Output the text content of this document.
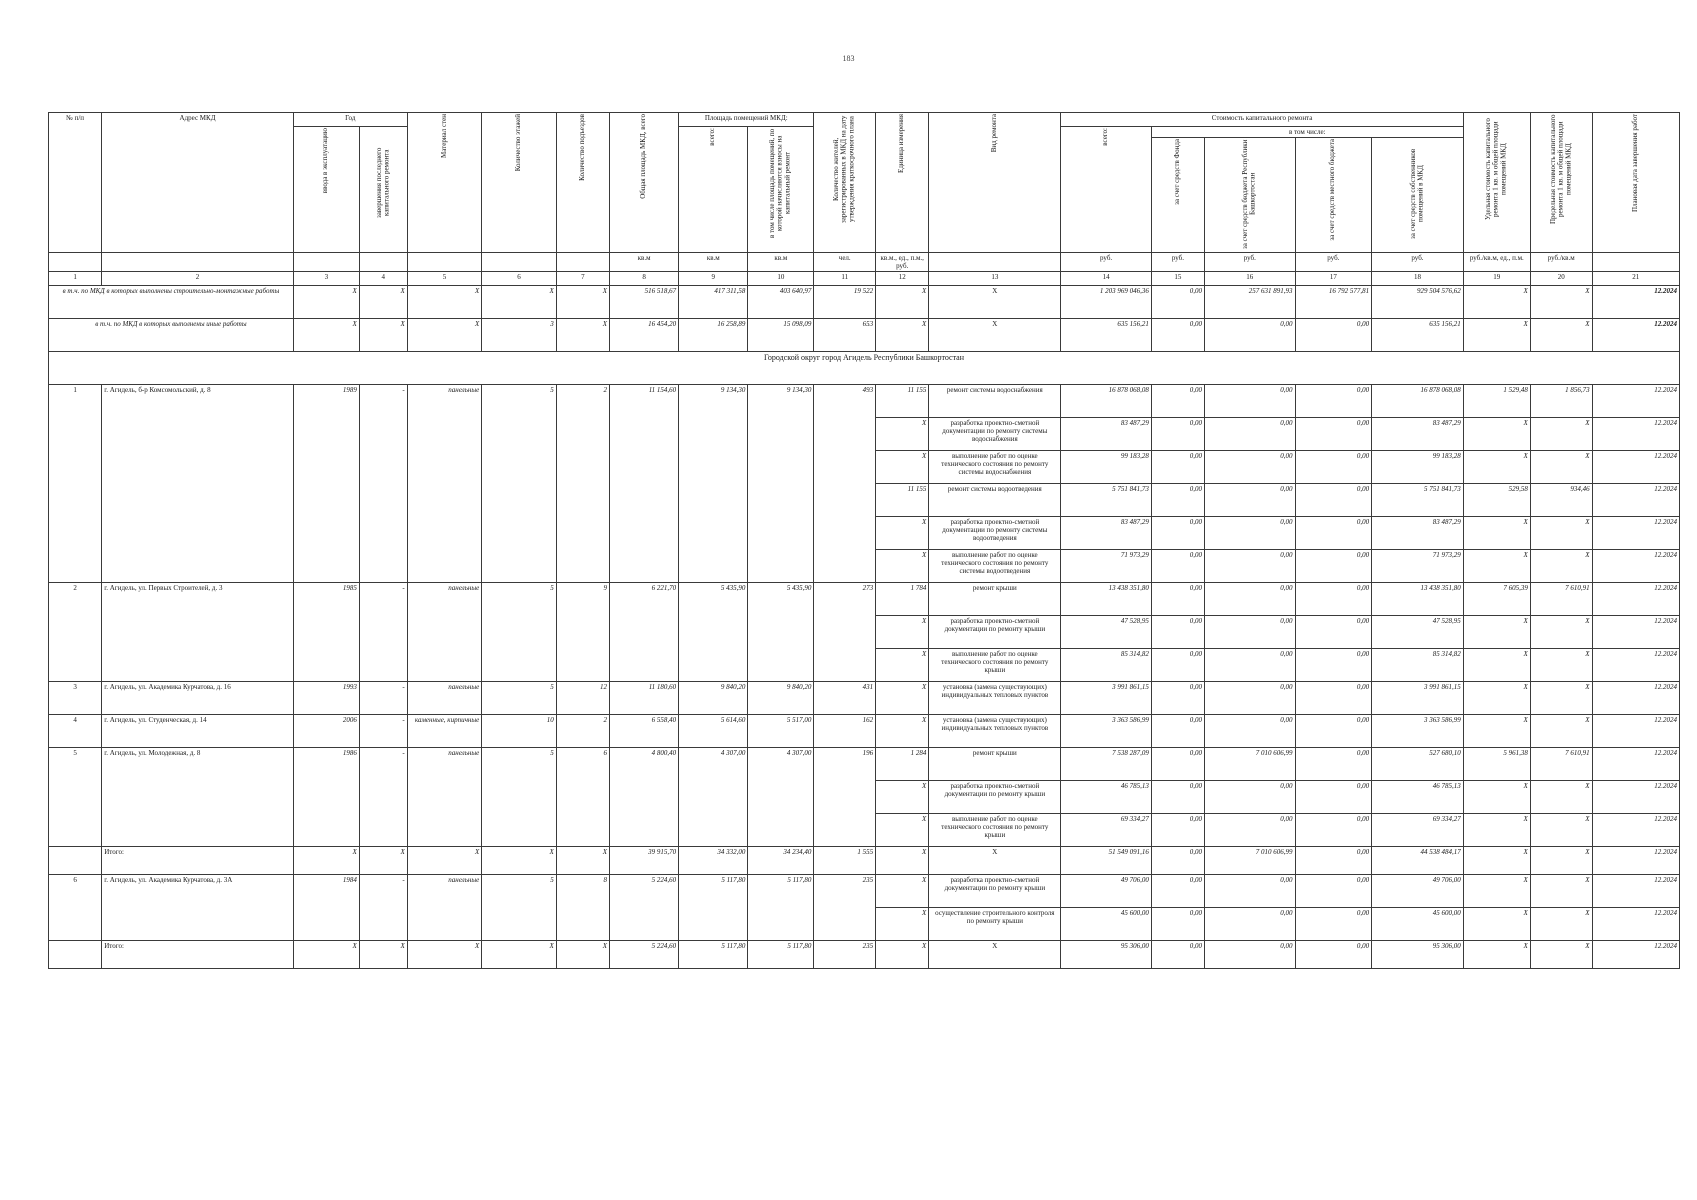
183
№ п/п	Адрес МКД	Год		Материал стен	Количество этажей	Количество подъездов	Общая площадь МКД, всего	Площадь помещений МКД:		Количество жителей, зарегистрированных в МКД на дату утверждения краткосрочного плана	Единица измерения	Вид ремонта	Стоимость капитального ремонта					Удельная стоимость капитального ремонта 1 кв. м общей площади помещений МКД	Предельная стоимость капитального ремонта 1 кв. м общей площади помещений МКД	Плановая дата завершения работ
		ввода в эксплуатацию	завершения последнего капитального ремонта					всего:	в том числе площадь помещений, по которой начисляются взносы на капитальный ремонт				всего:	в том числе:						
														за счет средств Фонда	за счет средств бюджета Республики Башкортостан	за счет средств местного бюджета	за счет средств собственников помещений в МКД			
							кв.м	кв.м	кв.м	чел.	кв.м., ед., п.м., руб.		руб.	руб.	руб.	руб.	руб.	руб./кв.м, ед., п.м.	руб./кв.м	
1	2	3	4	5	6	7	8	9	10	11	12	13	14	15	16	17	18	19	20	21
в т.ч. по МКД в которых выполнены строительно-монтажные работы		X	X	X	X	X	516 518,67	417 311,58	403 640,97	19 522	X	X	1 203 969 046,36	0,00	257 631 891,93	16 792 577,81	929 504 576,62	X	X	12.2024
в т.ч. по МКД в которых выполнены иные работы		X	X	X	3	X	16 454,20	16 258,89	15 098,09	653	X	X	635 156,21	0,00	0,00	0,00	635 156,21	X	X	12.2024
Городской округ город Агидель Республики Башкортостан																				
1	г. Агидель, б-р Комсомольский, д. 8	1989	-	панельные	5	2	11 154,60	9 134,30	9 134,30	493	11 155	ремонт системы водоснабжения	16 878 068,08	0,00	0,00	0,00	16 878 068,08	1 529,48	1 856,73	12.2024
											X	разработка проектно-сметной документации по ремонту системы водоснабжения	83 487,29	0,00	0,00	0,00	83 487,29	X	X	12.2024
											X	выполнение работ по оценке технического состояния по ремонту системы водоснабжения	99 183,28	0,00	0,00	0,00	99 183,28	X	X	12.2024
											11 155	ремонт системы водоотведения	5 751 841,73	0,00	0,00	0,00	5 751 841,73	529,58	934,46	12.2024
											X	разработка проектно-сметной документации по ремонту системы водоотведения	83 487,29	0,00	0,00	0,00	83 487,29	X	X	12.2024
											X	выполнение работ по оценке технического состояния по ремонту системы водоотведения	71 973,29	0,00	0,00	0,00	71 973,29	X	X	12.2024
2	г. Агидель, ул. Первых Строителей, д. 3	1985	-	панельные	5	9	6 221,70	5 435,90	5 435,90	273	1 784	ремонт крыши	13 438 351,80	0,00	0,00	0,00	13 438 351,80	7 605,39	7 610,91	12.2024
											X	разработка проектно-сметной документации по ремонту крыши	47 528,95	0,00	0,00	0,00	47 528,95	X	X	12.2024
											X	выполнение работ по оценке технического состояния по ремонту крыши	85 314,82	0,00	0,00	0,00	85 314,82	X	X	12.2024
3	г. Агидель, ул. Академика Курчатова, д. 16	1993	-	панельные	5	12	11 180,60	9 840,20	9 840,20	431	X	установка (замена существующих) индивидуальных тепловых пунктов	3 991 861,15	0,00	0,00	0,00	3 991 861,15	X	X	12.2024
4	г. Агидель, ул. Студенческая, д. 14	2006	-	каменные, кирпичные	10	2	6 558,40	5 614,60	5 517,00	162	X	установка (замена существующих) индивидуальных тепловых пунктов	3 363 586,99	0,00	0,00	0,00	3 363 586,99	X	X	12.2024
5	г. Агидель, ул. Молодежная, д. 8	1986	-	панельные	5	6	4 800,40	4 307,00	4 307,00	196	1 284	ремонт крыши	7 538 287,09	0,00	7 010 606,99	0,00	527 680,10	5 961,38	7 610,91	12.2024
											X	разработка проектно-сметной документации по ремонту крыши	46 785,13	0,00	0,00	0,00	46 785,13	X	X	12.2024
											X	выполнение работ по оценке технического состояния по ремонту крыши	69 334,27	0,00	0,00	0,00	69 334,27	X	X	12.2024
	Итого:	X	X	X	X	X	39 915,70	34 332,00	34 234,40	1 555	X	X	51 549 091,16	0,00	7 010 606,99	0,00	44 538 484,17	X	X	12.2024
6	г. Агидель, ул. Академика Курчатова, д. 3А	1984	-	панельные	5	8	5 224,60	5 117,80	5 117,80	235	X	разработка проектно-сметной документации по ремонту крыши	49 706,00	0,00	0,00	0,00	49 706,00	X	X	12.2024
											X	осуществление строительного контроля по ремонту крыши	45 600,00	0,00	0,00	0,00	45 600,00	X	X	12.2024
	Итого:	X	X	X	X	X	5 224,60	5 117,80	5 117,80	235	X	X	95 306,00	0,00	0,00	0,00	95 306,00	X	X	12.2024
